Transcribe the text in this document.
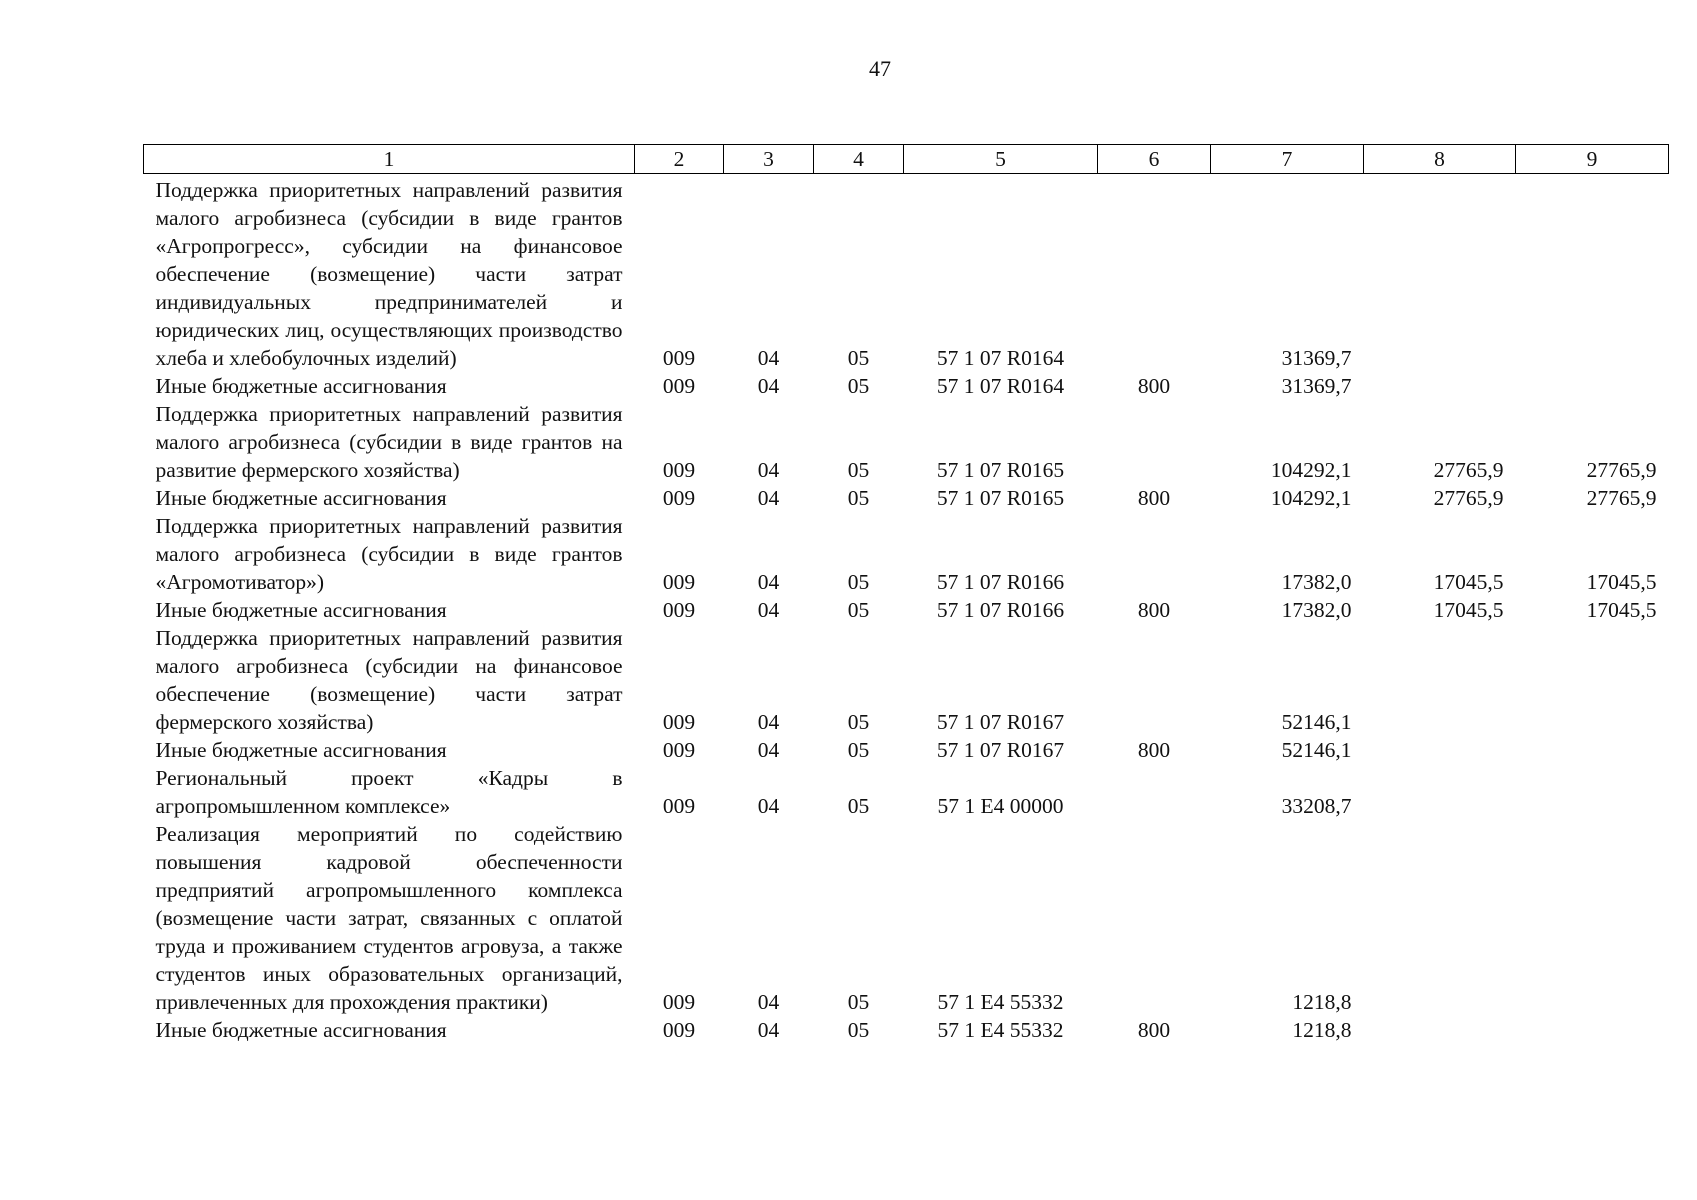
47
1	2	3	4	5	6	7	8	9
Поддержка приоритетных направлений развития малого агробизнеса (субсидии в виде грантов «Агропрогресс», субсидии на финансовое обеспечение (возмещение) части затрат индивидуальных предпринимателей и юридических лиц, осуществляющих производство хлеба и хлебобулочных изделий)	009	04	05	57 1 07 R0164		31369,7		
Иные бюджетные ассигнования	009	04	05	57 1 07 R0164	800	31369,7		
Поддержка приоритетных направлений развития малого агробизнеса (субсидии в виде грантов на развитие фермерского хозяйства)	009	04	05	57 1 07 R0165		104292,1	27765,9	27765,9
Иные бюджетные ассигнования	009	04	05	57 1 07 R0165	800	104292,1	27765,9	27765,9
Поддержка приоритетных направлений развития малого агробизнеса (субсидии в виде грантов «Агромотиватор»)	009	04	05	57 1 07 R0166		17382,0	17045,5	17045,5
Иные бюджетные ассигнования	009	04	05	57 1 07 R0166	800	17382,0	17045,5	17045,5
Поддержка приоритетных направлений развития малого агробизнеса (субсидии на финансовое обеспечение (возмещение) части затрат фермерского хозяйства)	009	04	05	57 1 07 R0167		52146,1		
Иные бюджетные ассигнования	009	04	05	57 1 07 R0167	800	52146,1		
Региональный проект «Кадры в агропромышленном комплексе»	009	04	05	57 1 E4 00000		33208,7		
Реализация мероприятий по содействию повышения кадровой обеспеченности предприятий агропромышленного комплекса (возмещение части затрат, связанных с оплатой труда и проживанием студентов агровуза, а также студентов иных образовательных организаций, привлеченных для прохождения практики)	009	04	05	57 1 E4 55332		1218,8		
Иные бюджетные ассигнования	009	04	05	57 1 E4 55332	800	1218,8		
